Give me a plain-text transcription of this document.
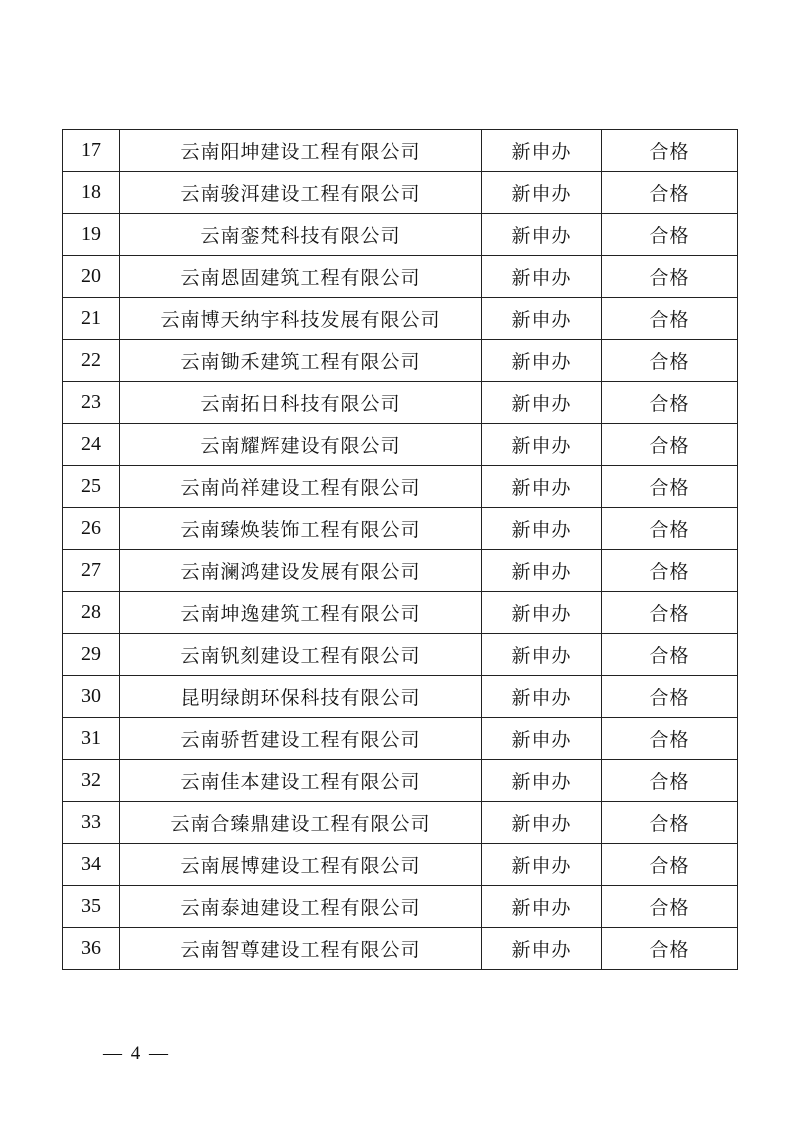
17	云南阳坤建设工程有限公司	新申办	合格
18	云南骏洱建设工程有限公司	新申办	合格
19	云南銮梵科技有限公司	新申办	合格
20	云南恩固建筑工程有限公司	新申办	合格
21	云南博天纳宇科技发展有限公司	新申办	合格
22	云南锄禾建筑工程有限公司	新申办	合格
23	云南拓日科技有限公司	新申办	合格
24	云南耀辉建设有限公司	新申办	合格
25	云南尚祥建设工程有限公司	新申办	合格
26	云南臻焕装饰工程有限公司	新申办	合格
27	云南澜鸿建设发展有限公司	新申办	合格
28	云南坤逸建筑工程有限公司	新申办	合格
29	云南钒刻建设工程有限公司	新申办	合格
30	昆明绿朗环保科技有限公司	新申办	合格
31	云南骄哲建设工程有限公司	新申办	合格
32	云南佳本建设工程有限公司	新申办	合格
33	云南合臻鼎建设工程有限公司	新申办	合格
34	云南展博建设工程有限公司	新申办	合格
35	云南泰迪建设工程有限公司	新申办	合格
36	云南智尊建设工程有限公司	新申办	合格
— 4 —
